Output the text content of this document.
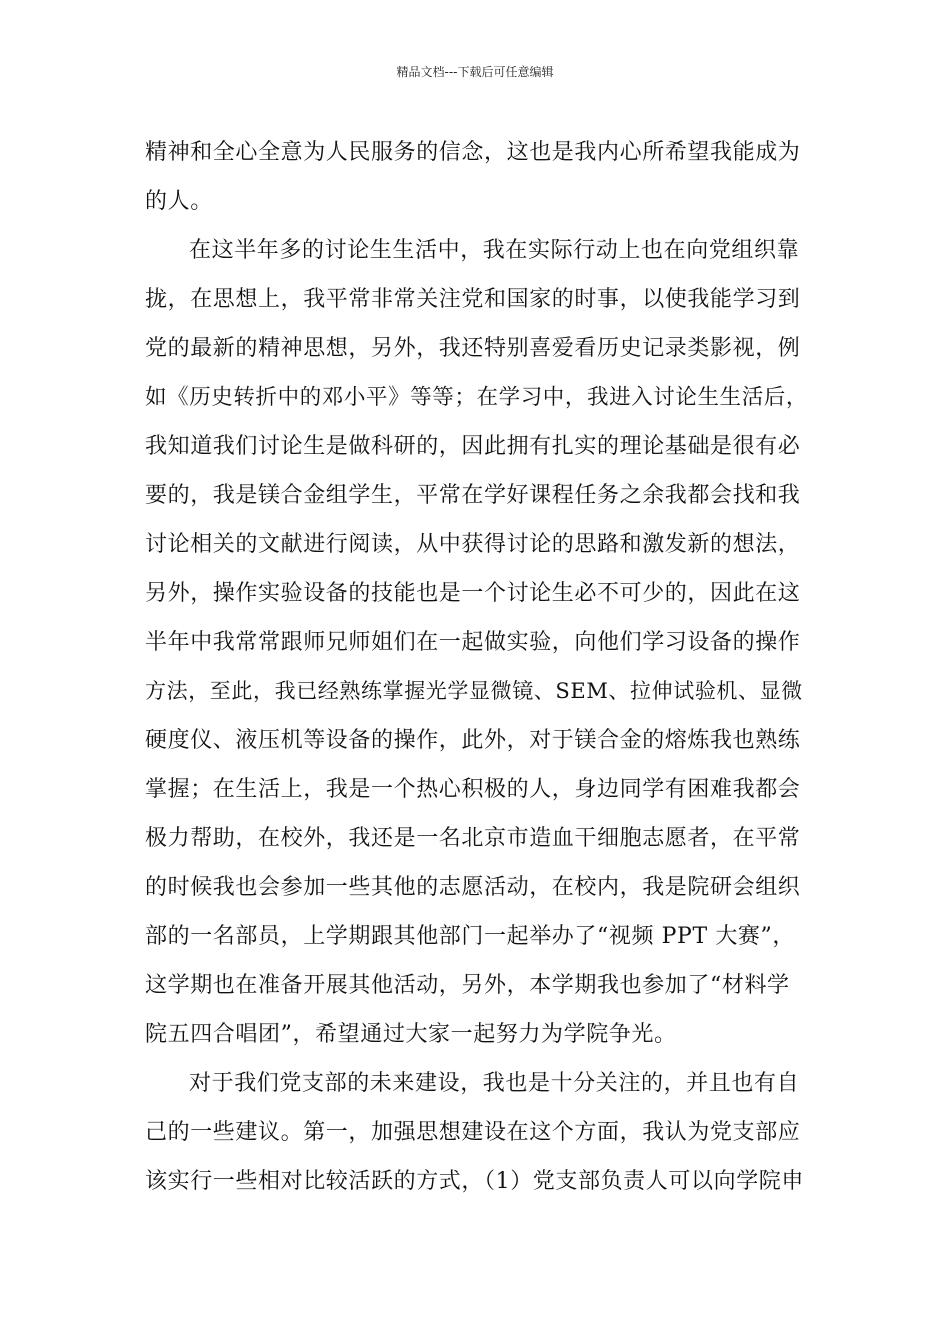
精品文档---下载后可任意编辑
精神和全心全意为人民服务的信念，这也是我内心所希望我能成为
的人。
在这半年多的讨论生生活中，我在实际行动上也在向党组织靠
拢，在思想上，我平常非常关注党和国家的时事，以使我能学习到
党的最新的精神思想，另外，我还特别喜爱看历史记录类影视，例
如《历史转折中的邓小平》等等；在学习中，我进入讨论生生活后，
我知道我们讨论生是做科研的，因此拥有扎实的理论基础是很有必
要的，我是镁合金组学生，平常在学好课程任务之余我都会找和我
讨论相关的文献进行阅读，从中获得讨论的思路和激发新的想法，
另外，操作实验设备的技能也是一个讨论生必不可少的，因此在这
半年中我常常跟师兄师姐们在一起做实验，向他们学习设备的操作
方法，至此，我已经熟练掌握光学显微镜、SEM、拉伸试验机、显微
硬度仪、液压机等设备的操作，此外，对于镁合金的熔炼我也熟练
掌握；在生活上，我是一个热心积极的人，身边同学有困难我都会
极力帮助，在校外，我还是一名北京市造血干细胞志愿者，在平常
的时候我也会参加一些其他的志愿活动，在校内，我是院研会组织
部的一名部员，上学期跟其他部门一起举办了“视频 PPT 大赛”，
这学期也在准备开展其他活动，另外，本学期我也参加了“材料学
院五四合唱团”，希望通过大家一起努力为学院争光。
对于我们党支部的未来建设，我也是十分关注的，并且也有自
己的一些建议。第一，加强思想建设在这个方面，我认为党支部应
该实行一些相对比较活跃的方式，（1）党支部负责人可以向学院申
